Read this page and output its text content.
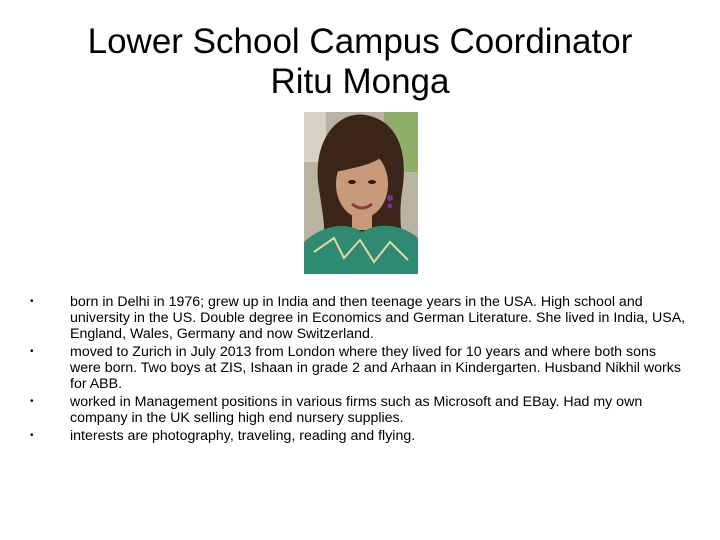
Lower School Campus Coordinator
Ritu Monga
•	born in Delhi in 1976; grew up in India and then teenage years in the USA. High school and university in the US. Double degree in Economics and German Literature. She lived in India, USA, England, Wales, Germany and now Switzerland.
•	moved to Zurich in July 2013 from London where they lived for 10 years and where both sons were born. Two boys at ZIS, Ishaan in grade 2 and Arhaan in Kindergarten. Husband Nikhil works for ABB.
•	worked in Management positions in various firms such as Microsoft and EBay. Had my own company in the UK selling high end nursery supplies.
•	interests are photography, traveling, reading and flying.
